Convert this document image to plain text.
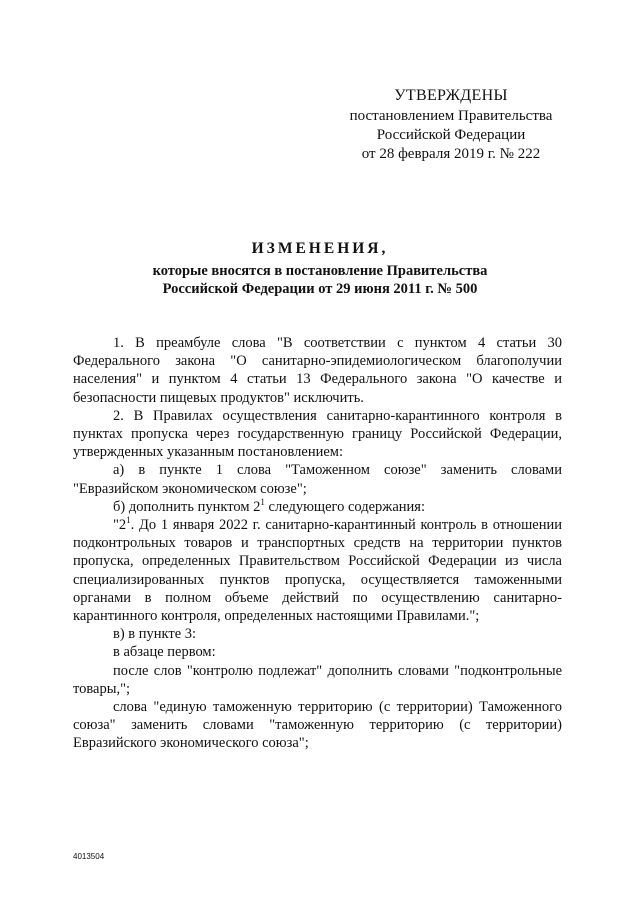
УТВЕРЖДЕНЫ
постановлением Правительства
Российской Федерации
от 28 февраля 2019 г. № 222
ИЗМЕНЕНИЯ,
которые вносятся в постановление Правительства
Российской Федерации от 29 июня 2011 г. № 500

1. В преамбуле слова "В соответствии с пунктом 4 статьи 30 Федерального закона "О санитарно-эпидемиологическом благополучии населения" и пунктом 4 статьи 13 Федерального закона "О качестве и безопасности пищевых продуктов" исключить.

2. В Правилах осуществления санитарно-карантинного контроля в пунктах пропуска через государственную границу Российской Федерации, утвержденных указанным постановлением:

а) в пункте 1 слова "Таможенном союзе" заменить словами "Евразийском экономическом союзе";

б) дополнить пунктом $2^1$ следующего содержания:

"$2^1$. До 1 января 2022 г. санитарно-карантинный контроль в отношении подконтрольных товаров и транспортных средств на территории пунктов пропуска, определенных Правительством Российской Федерации из числа специализированных пунктов пропуска, осуществляется таможенными органами в полном объеме действий по осуществлению санитарно-карантинного контроля, определенных настоящими Правилами.";

в) в пункте 3:

в абзаце первом:

после слов "контролю подлежат" дополнить словами "подконтрольные товары,";

слова "единую таможенную территорию (с территории) Таможенного союза" заменить словами "таможенную территорию (с территории) Евразийского экономического союза";

4013504
